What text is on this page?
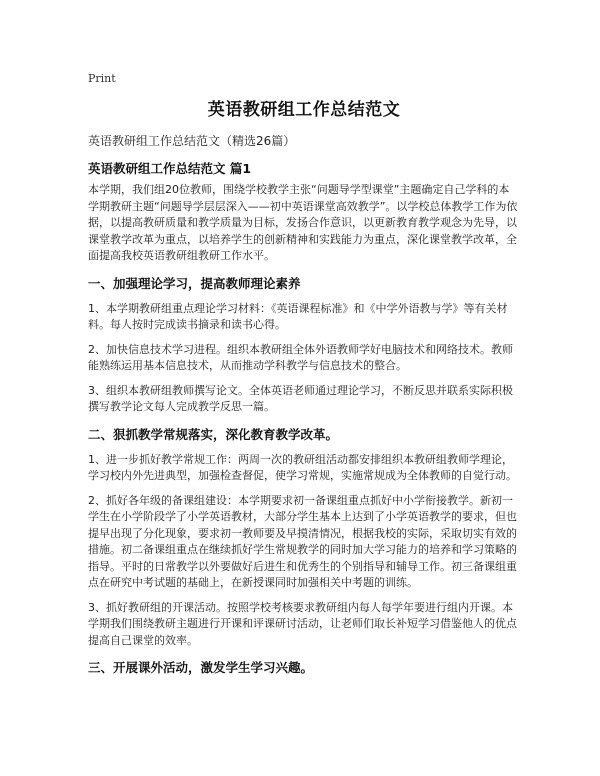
Print
英语教研组工作总结范文
英语教研组工作总结范文（精选26篇）
英语教研组工作总结范文 篇1

本学期，我们组20位教师，围绕学校教学主张“问题导学型课堂”主题确定自己学科的本学期教研主题“问题导学层层深入——初中英语课堂高效教学”。以学校总体教学工作为依据，以提高教研质量和教学质量为目标，发扬合作意识，以更新教育教学观念为先导，以课堂教学改革为重点，以培养学生的创新精神和实践能力为重点，深化课堂教学改革，全面提高我校英语教研组教研工作水平。

一、加强理论学习，提高教师理论素养

1、本学期教研组重点理论学习材料：《英语课程标准》和《中学外语教与学》等有关材料。每人按时完成读书摘录和读书心得。

2、加快信息技术学习进程。组织本教研组全体外语教师学好电脑技术和网络技术。教师能熟练运用基本信息技术，从而推动学科教学与信息技术的整合。

3、组织本教研组教师撰写论文。全体英语老师通过理论学习，不断反思并联系实际积极撰写教学论文每人完成教学反思一篇。

二、狠抓教学常规落实，深化教育教学改革。

1、进一步抓好教学常规工作：两周一次的教研组活动都安排组织本教研组教师学理论，学习校内外先进典型，加强检查督促，使学习常规，实施常规成为全体教师的自觉行动。

2、抓好各年级的备课组建设：本学期要求初一备课组重点抓好中小学衔接教学。新初一学生在小学阶段学了小学英语教材，大部分学生基本上达到了小学英语教学的要求，但也提早出现了分化现象，要求初一教师要及早摸清情况，根据我校的实际，采取切实有效的措施。初二备课组重点在继续抓好学生常规教学的同时加大学习能力的培养和学习策略的指导。平时的日常教学以外要做好后进生和优秀生的个别指导和辅导工作。初三备课组重点在研究中考试题的基础上，在新授课同时加强相关中考题的训练。

3、抓好教研组的开课活动。按照学校考核要求教研组内每人每学年要进行组内开课。本学期我们围绕教研主题进行开课和评课研讨活动，让老师们取长补短学习借鉴他人的优点提高自己课堂的效率。

三、开展课外活动，激发学生学习兴趣。
